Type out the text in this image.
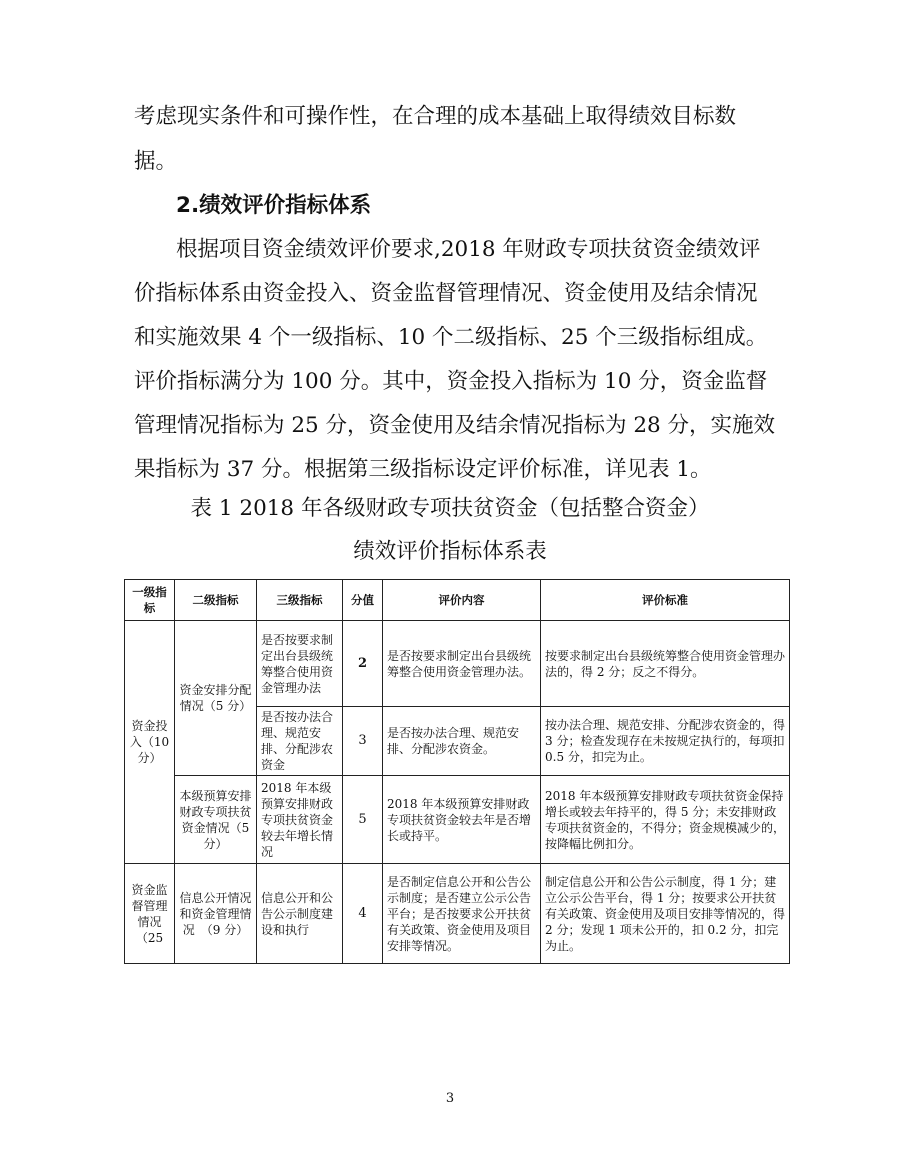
考虑现实条件和可操作性，在合理的成本基础上取得绩效目标数
据。
2.绩效评价指标体系
根据项目资金绩效评价要求,2018 年财政专项扶贫资金绩效评
价指标体系由资金投入、资金监督管理情况、资金使用及结余情况
和实施效果 4 个一级指标、10 个二级指标、25 个三级指标组成。
评价指标满分为 100 分。其中，资金投入指标为 10 分，资金监督
管理情况指标为 25 分，资金使用及结余情况指标为 28 分，实施效
果指标为 37 分。根据第三级指标设定评价标准，详见表 1。
表 1 2018 年各级财政专项扶贫资金（包括整合资金）
绩效评价指标体系表
一级指标	二级指标	三级指标	分值	评价内容	评价标准
资金投入（10 分）	资金安排分配情况（5 分）	是否按要求制定出台县级统筹整合使用资金管理办法	2	是否按要求制定出台县级统筹整合使用资金管理办法。	按要求制定出台县级统筹整合使用资金管理办法的，得 2 分；反之不得分。
		是否按办法合理、规范安排、分配涉农资金	3	是否按办法合理、规范安排、分配涉农资金。	按办法合理、规范安排、分配涉农资金的，得 3 分；检查发现存在未按规定执行的，每项扣 0.5 分，扣完为止。
	本级预算安排财政专项扶贫资金情况（5 分）	2018 年本级预算安排财政专项扶贫资金较去年增长情况	5	2018 年本级预算安排财政专项扶贫资金较去年是否增长或持平。	2018 年本级预算安排财政专项扶贫资金保持增长或较去年持平的，得 5 分；未安排财政专项扶贫资金的，不得分；资金规模减少的，按降幅比例扣分。
资金监督管理情况（25	信息公开情况和资金管理情况　（9 分）	信息公开和公告公示制度建设和执行	4	是否制定信息公开和公告公示制度；是否建立公示公告平台；是否按要求公开扶贫有关政策、资金使用及项目安排等情况。	制定信息公开和公告公示制度，得 1 分；建立公示公告平台，得 1 分；按要求公开扶贫有关政策、资金使用及项目安排等情况的，得 2 分；发现 1 项未公开的，扣 0.2 分，扣完为止。
3
